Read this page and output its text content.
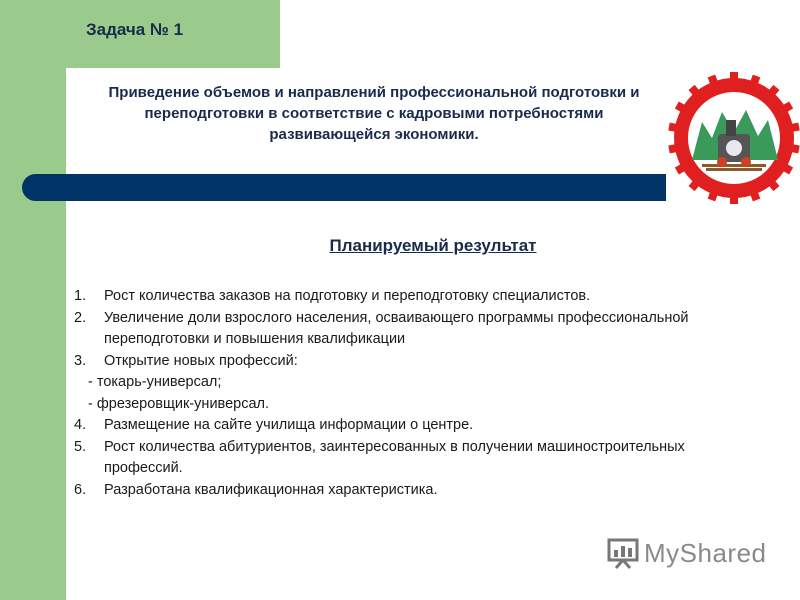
Задача № 1
Приведение объемов и направлений профессиональной подготовки и переподготовки в соответствие с кадровыми потребностями развивающейся экономики.
Планируемый результат
1.	Рост количества заказов на подготовку и переподготовку специалистов.
2.	Увеличение доли взрослого населения, осваивающего программы профессиональной переподготовки и повышения квалификации
3.	Открытие новых профессий:
- токарь-универсал;
- фрезеровщик-универсал.
4.	Размещение на сайте училища информации о центре.
5.	Рост количества абитуриентов, заинтересованных в получении машиностроительных профессий.
6.	Разработана квалификационная характеристика.
MyShared
